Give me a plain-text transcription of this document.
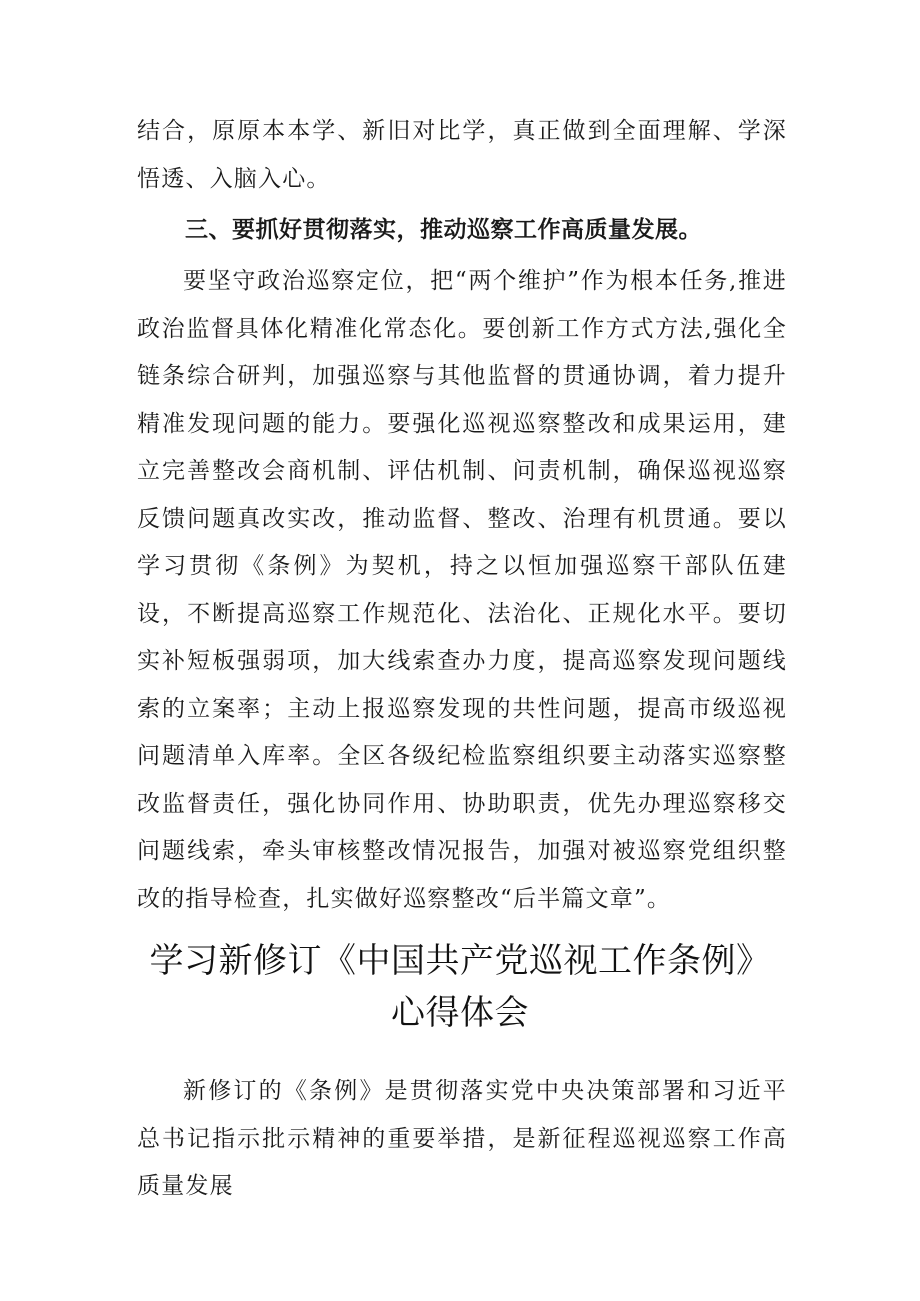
结合，原原本本学、新旧对比学，真正做到全面理解、学深悟透、入脑入心。

三、要抓好贯彻落实，推动巡察工作高质量发展。

要坚守政治巡察定位，把“两个维护”作为根本任务,推进政治监督具体化精准化常态化。要创新工作方式方法,强化全链条综合研判，加强巡察与其他监督的贯通协调，着力提升精准发现问题的能力。要强化巡视巡察整改和成果运用，建立完善整改会商机制、评估机制、问责机制，确保巡视巡察反馈问题真改实改，推动监督、整改、治理有机贯通。要以学习贯彻《条例》为契机，持之以恒加强巡察干部队伍建设，不断提高巡察工作规范化、法治化、正规化水平。要切实补短板强弱项，加大线索查办力度，提高巡察发现问题线索的立案率；主动上报巡察发现的共性问题，提高市级巡视问题清单入库率。全区各级纪检监察组织要主动落实巡察整改监督责任，强化协同作用、协助职责，优先办理巡察移交问题线索，牵头审核整改情况报告，加强对被巡察党组织整改的指导检查，扎实做好巡察整改“后半篇文章”。

学习新修订《中国共产党巡视工作条例》
心得体会

新修订的《条例》是贯彻落实党中央决策部署和习近平总书记指示批示精神的重要举措，是新征程巡视巡察工作高质量发展
